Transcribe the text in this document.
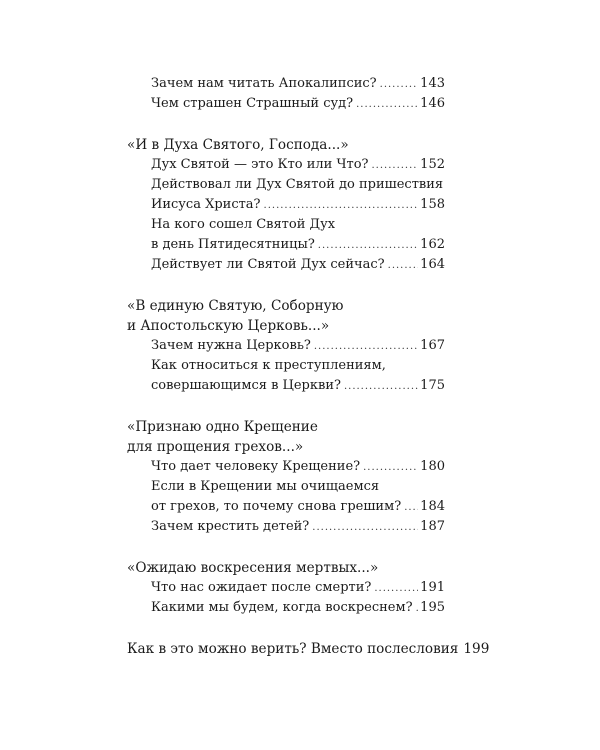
Зачем нам читать Апокалипсис? .....	143
Чем страшен Страшный суд? .....	146
«И в Духа Святого, Господа...»
Дух Святой — это Кто или Что? .....	152
Действовал ли Дух Святой до пришествия
Иисуса Христа? .....	158
На кого сошел Святой Дух
в день Пятидесятницы? .....	162
Действует ли Святой Дух сейчас? .....	164
«В единую Святую, Соборную
и Апостольскую Церковь...»
Зачем нужна Церковь? .....	167
Как относиться к преступлениям,
совершающимся в Церкви? .....	175
«Признаю одно Крещение
для прощения грехов...»
Что дает человеку Крещение? .....	180
Если в Крещении мы очищаемся
от грехов, то почему снова грешим? ..... 184
Зачем крестить детей? .....	187
«Ожидаю воскресения мертвых...»
Что нас ожидает после смерти? .....	191
Какими мы будем, когда воскреснем? ..... 195
Как в это можно верить? Вместо послесловия 199
